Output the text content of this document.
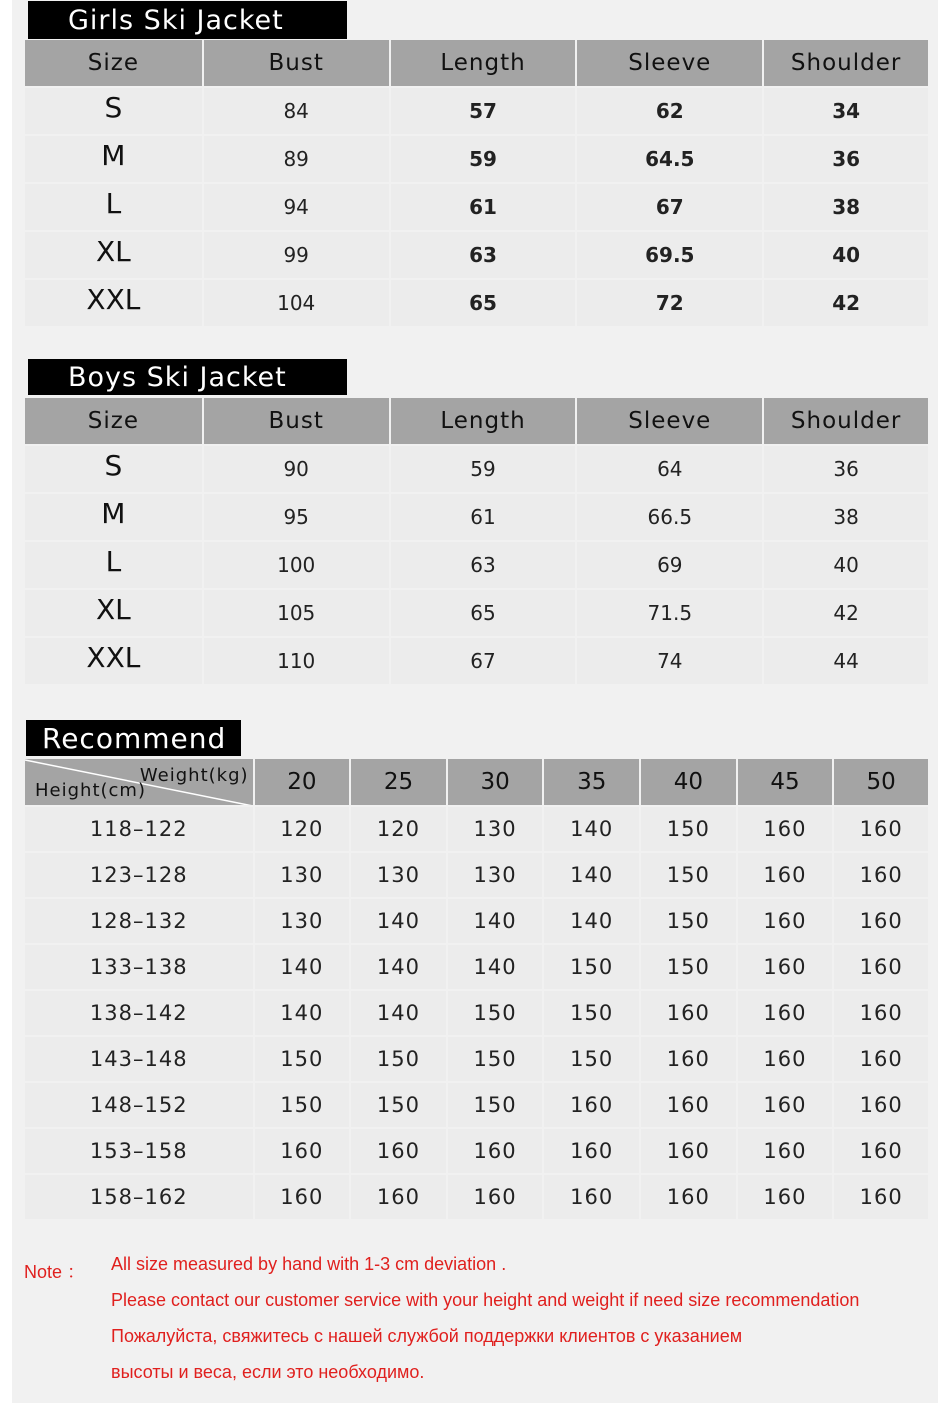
Girls Ski Jacket
Size	Bust	Length	Sleeve	Shoulder
S	84	57	62	34
M	89	59	64.5	36
L	94	61	67	38
XL	99	63	69.5	40
XXL	104	65	72	42
Boys Ski Jacket
Size	Bust	Length	Sleeve	Shoulder
S	90	59	64	36
M	95	61	66.5	38
L	100	63	69	40
XL	105	65	71.5	42
XXL	110	67	74	44
Recommend
Weight(kg)
Height(cm)	20	25	30	35	40	45	50
118–122	120	120	130	140	150	160	160
123–128	130	130	130	140	150	160	160
128–132	130	140	140	140	150	160	160
133–138	140	140	140	150	150	160	160
138–142	140	140	150	150	160	160	160
143–148	150	150	150	150	160	160	160
148–152	150	150	150	160	160	160	160
153–158	160	160	160	160	160	160	160
158–162	160	160	160	160	160	160	160
Note ： All size measured by hand with 1-3 cm deviation .
Please contact our customer service with your height and weight if need size recommendation
Пожалуйста, свяжитесь с нашей службой поддержки клиентов с указанием
высоты и веса, если это необходимо.
